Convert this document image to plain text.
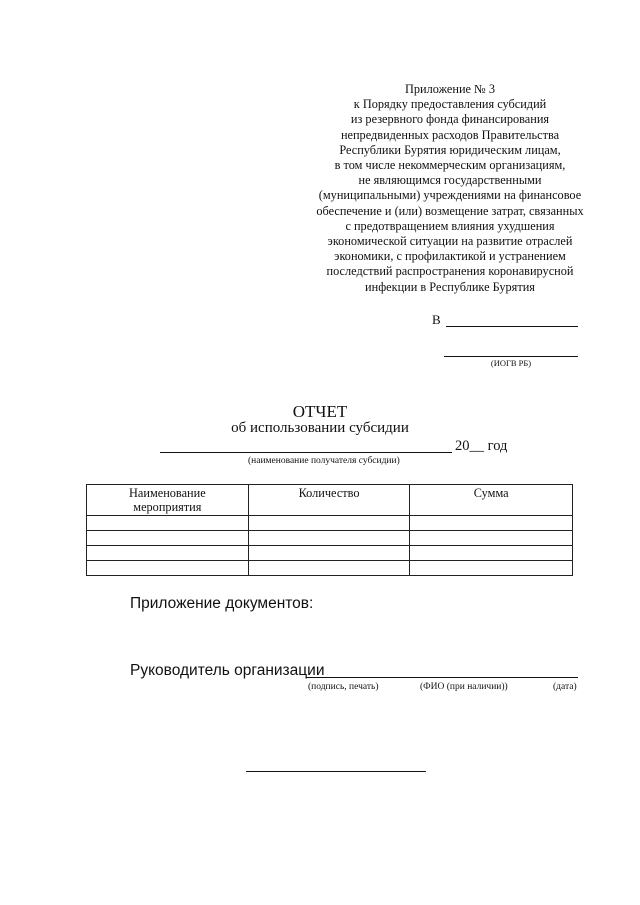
Приложение № 3
к Порядку предоставления субсидий
из резервного фонда финансирования
непредвиденных расходов Правительства
Республики Бурятия юридическим лицам,
в том числе некоммерческим организациям,
не являющимся государственными
(муниципальными) учреждениями на финансовое
обеспечение и (или) возмещение затрат, связанных
с предотвращением влияния ухудшения
экономической ситуации на развитие отраслей
экономики, с профилактикой и устранением
последствий распространения коронавирусной
инфекции в Республике Бурятия
В
(ИОГВ РБ)
ОТЧЕТ
об использовании субсидии
20__ год
(наименование получателя субсидии)
Наименование
мероприятия	Количество	Сумма

Приложение документов:
Руководитель организации
(подпись, печать)	(ФИО (при наличии))	(дата)
